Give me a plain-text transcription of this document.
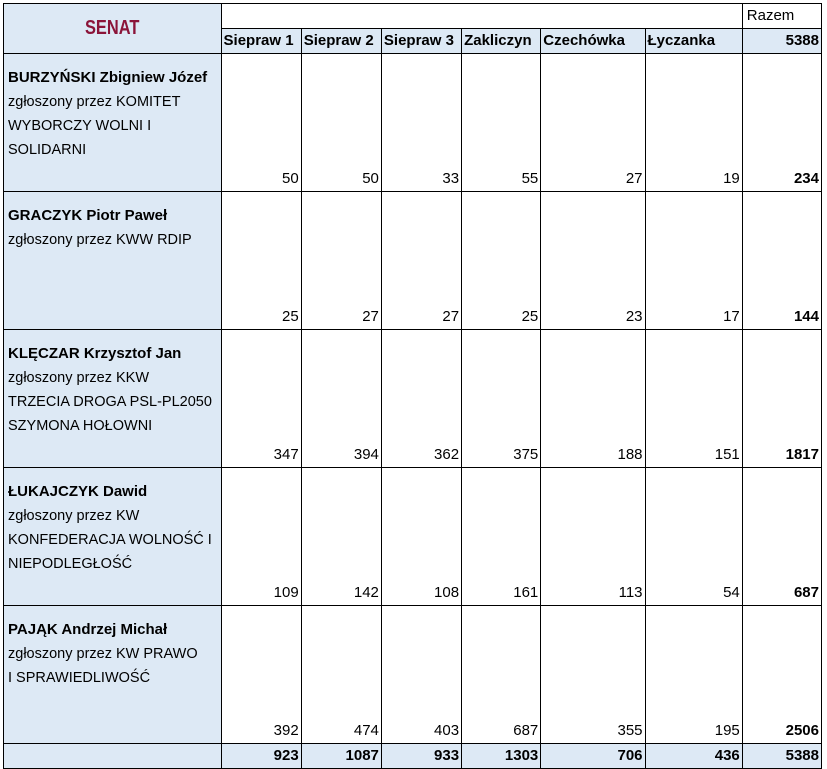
SENAT							Razem
	Siepraw 1	Siepraw 2	Siepraw 3	Zakliczyn	Czechówka	Łyczanka	5388

BURZYŃSKI Zbigniew Józef
zgłoszony przez KOMITET
WYBORCZY WOLNI I
SOLIDARNI	50	50	33	55	27	19	234

GRACZYK Piotr Paweł
zgłoszony przez KWW RDIP	25	27	27	25	23	17	144

KLĘCZAR Krzysztof Jan
zgłoszony przez KKW
TRZECIA DROGA PSL-PL2050
SZYMONA HOŁOWNI	347	394	362	375	188	151	1817

ŁUKAJCZYK Dawid
zgłoszony przez KW
KONFEDERACJA WOLNOŚĆ I
NIEPODLEGŁOŚĆ	109	142	108	161	113	54	687

PAJĄK Andrzej Michał
zgłoszony przez KW PRAWO
I SPRAWIEDLIWOŚĆ	392	474	403	687	355	195	2506
	923	1087	933	1303	706	436	5388
